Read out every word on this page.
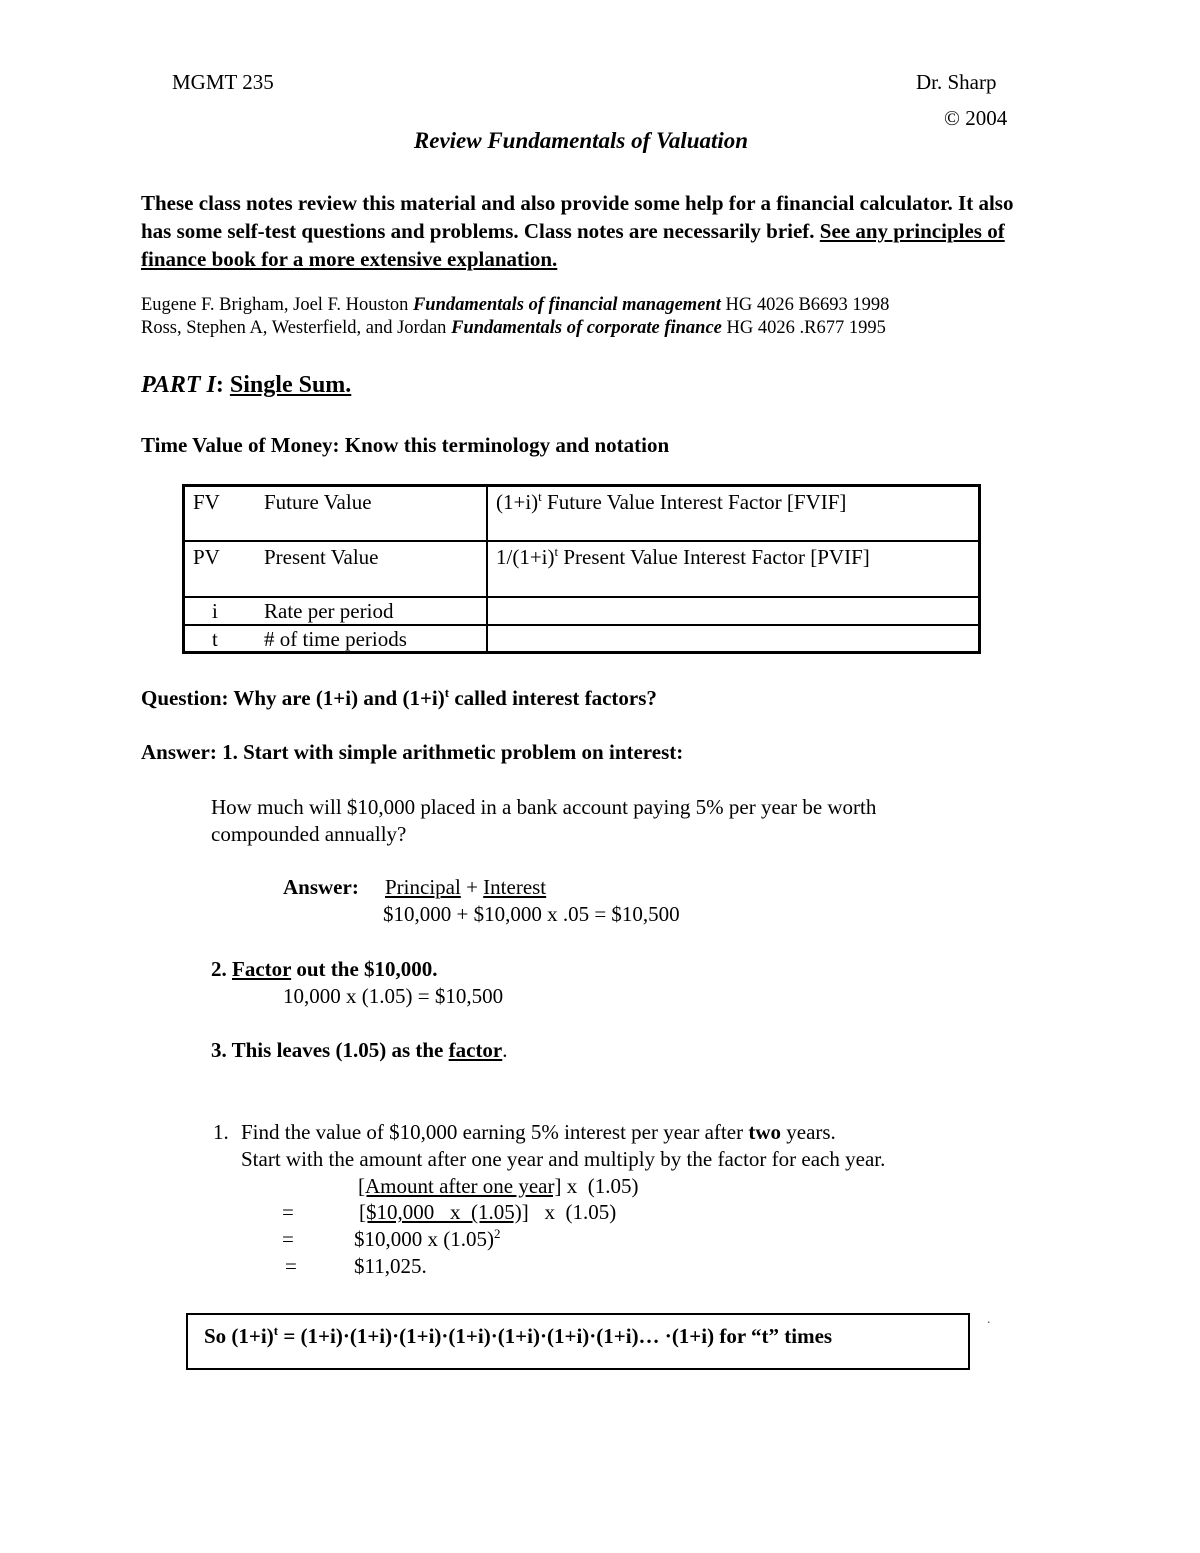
MGMT 235	Dr. Sharp
© 2004
Review Fundamentals of Valuation

These class notes review this material and also provide some help for a financial calculator. It also has some self-test questions and problems. Class notes are necessarily brief. See any principles of finance book for a more extensive explanation.

Eugene F. Brigham, Joel F. Houston Fundamentals of financial management HG 4026 B6693 1998
Ross, Stephen A, Westerfield, and Jordan Fundamentals of corporate finance HG 4026 .R677 1995
PART I: Single Sum.
Time Value of Money: Know this terminology and notation
FV Future Value	$(1+i)^t$ Future Value Interest Factor [FVIF]
PV Present Value	$1/(1+i)^t$ Present Value Interest Factor [PVIF]
i Rate per period
t # of time periods
Question: Why are (1+i) and $(1+i)^t$ called interest factors?
Answer: 1. Start with simple arithmetic problem on interest:
How much will $10,000 placed in a bank account paying 5% per year be worth
compounded annually?
Answer: Principal + Interest
$10,000 + $10,000 x .05 = $10,500
2. Factor out the $10,000.
10,000 x (1.05) = $10,500
3. This leaves (1.05) as the factor.
1. Find the value of $10,000 earning 5% interest per year after two years.
Start with the amount after one year and multiply by the factor for each year.
[Amount after one year] x  (1.05)
=	[$10,000   x  (1.05)]   x  (1.05)
=	$10,000 x $(1.05)^2$
=	$11,025.
So $(1+i)^t$ = (1+i)·(1+i)·(1+i)·(1+i)·(1+i)·(1+i)·(1+i)… ·(1+i) for “t” times
.
